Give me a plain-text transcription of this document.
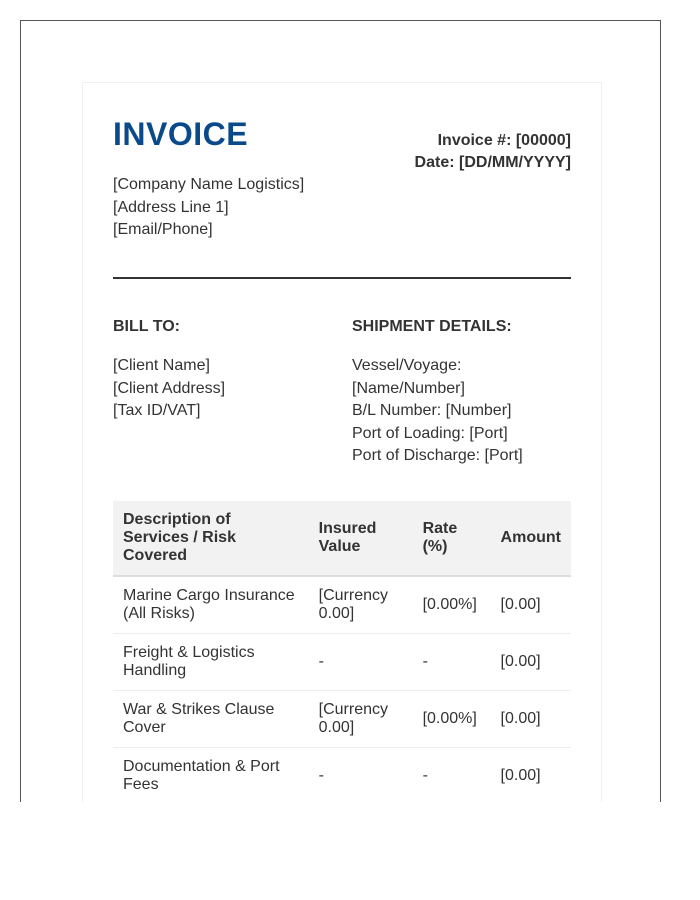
INVOICE	Invoice #: [00000]
Date: [DD/MM/YYYY]
[Company Name Logistics]
[Address Line 1]
[Email/Phone]
BILL TO:
[Client Name]
[Client Address]
[Tax ID/VAT]
SHIPMENT DETAILS:
Vessel/Voyage:
[Name/Number]
B/L Number: [Number]
Port of Loading: [Port]
Port of Discharge: [Port]
Description of Services / Risk Covered	Insured Value	Rate (%)	Amount
Marine Cargo Insurance (All Risks)	[Currency 0.00]	[0.00%]	[0.00]
Freight & Logistics Handling	-	-	[0.00]
War & Strikes Clause Cover	[Currency 0.00]	[0.00%]	[0.00]
Documentation & Port Fees	-	-	[0.00]
